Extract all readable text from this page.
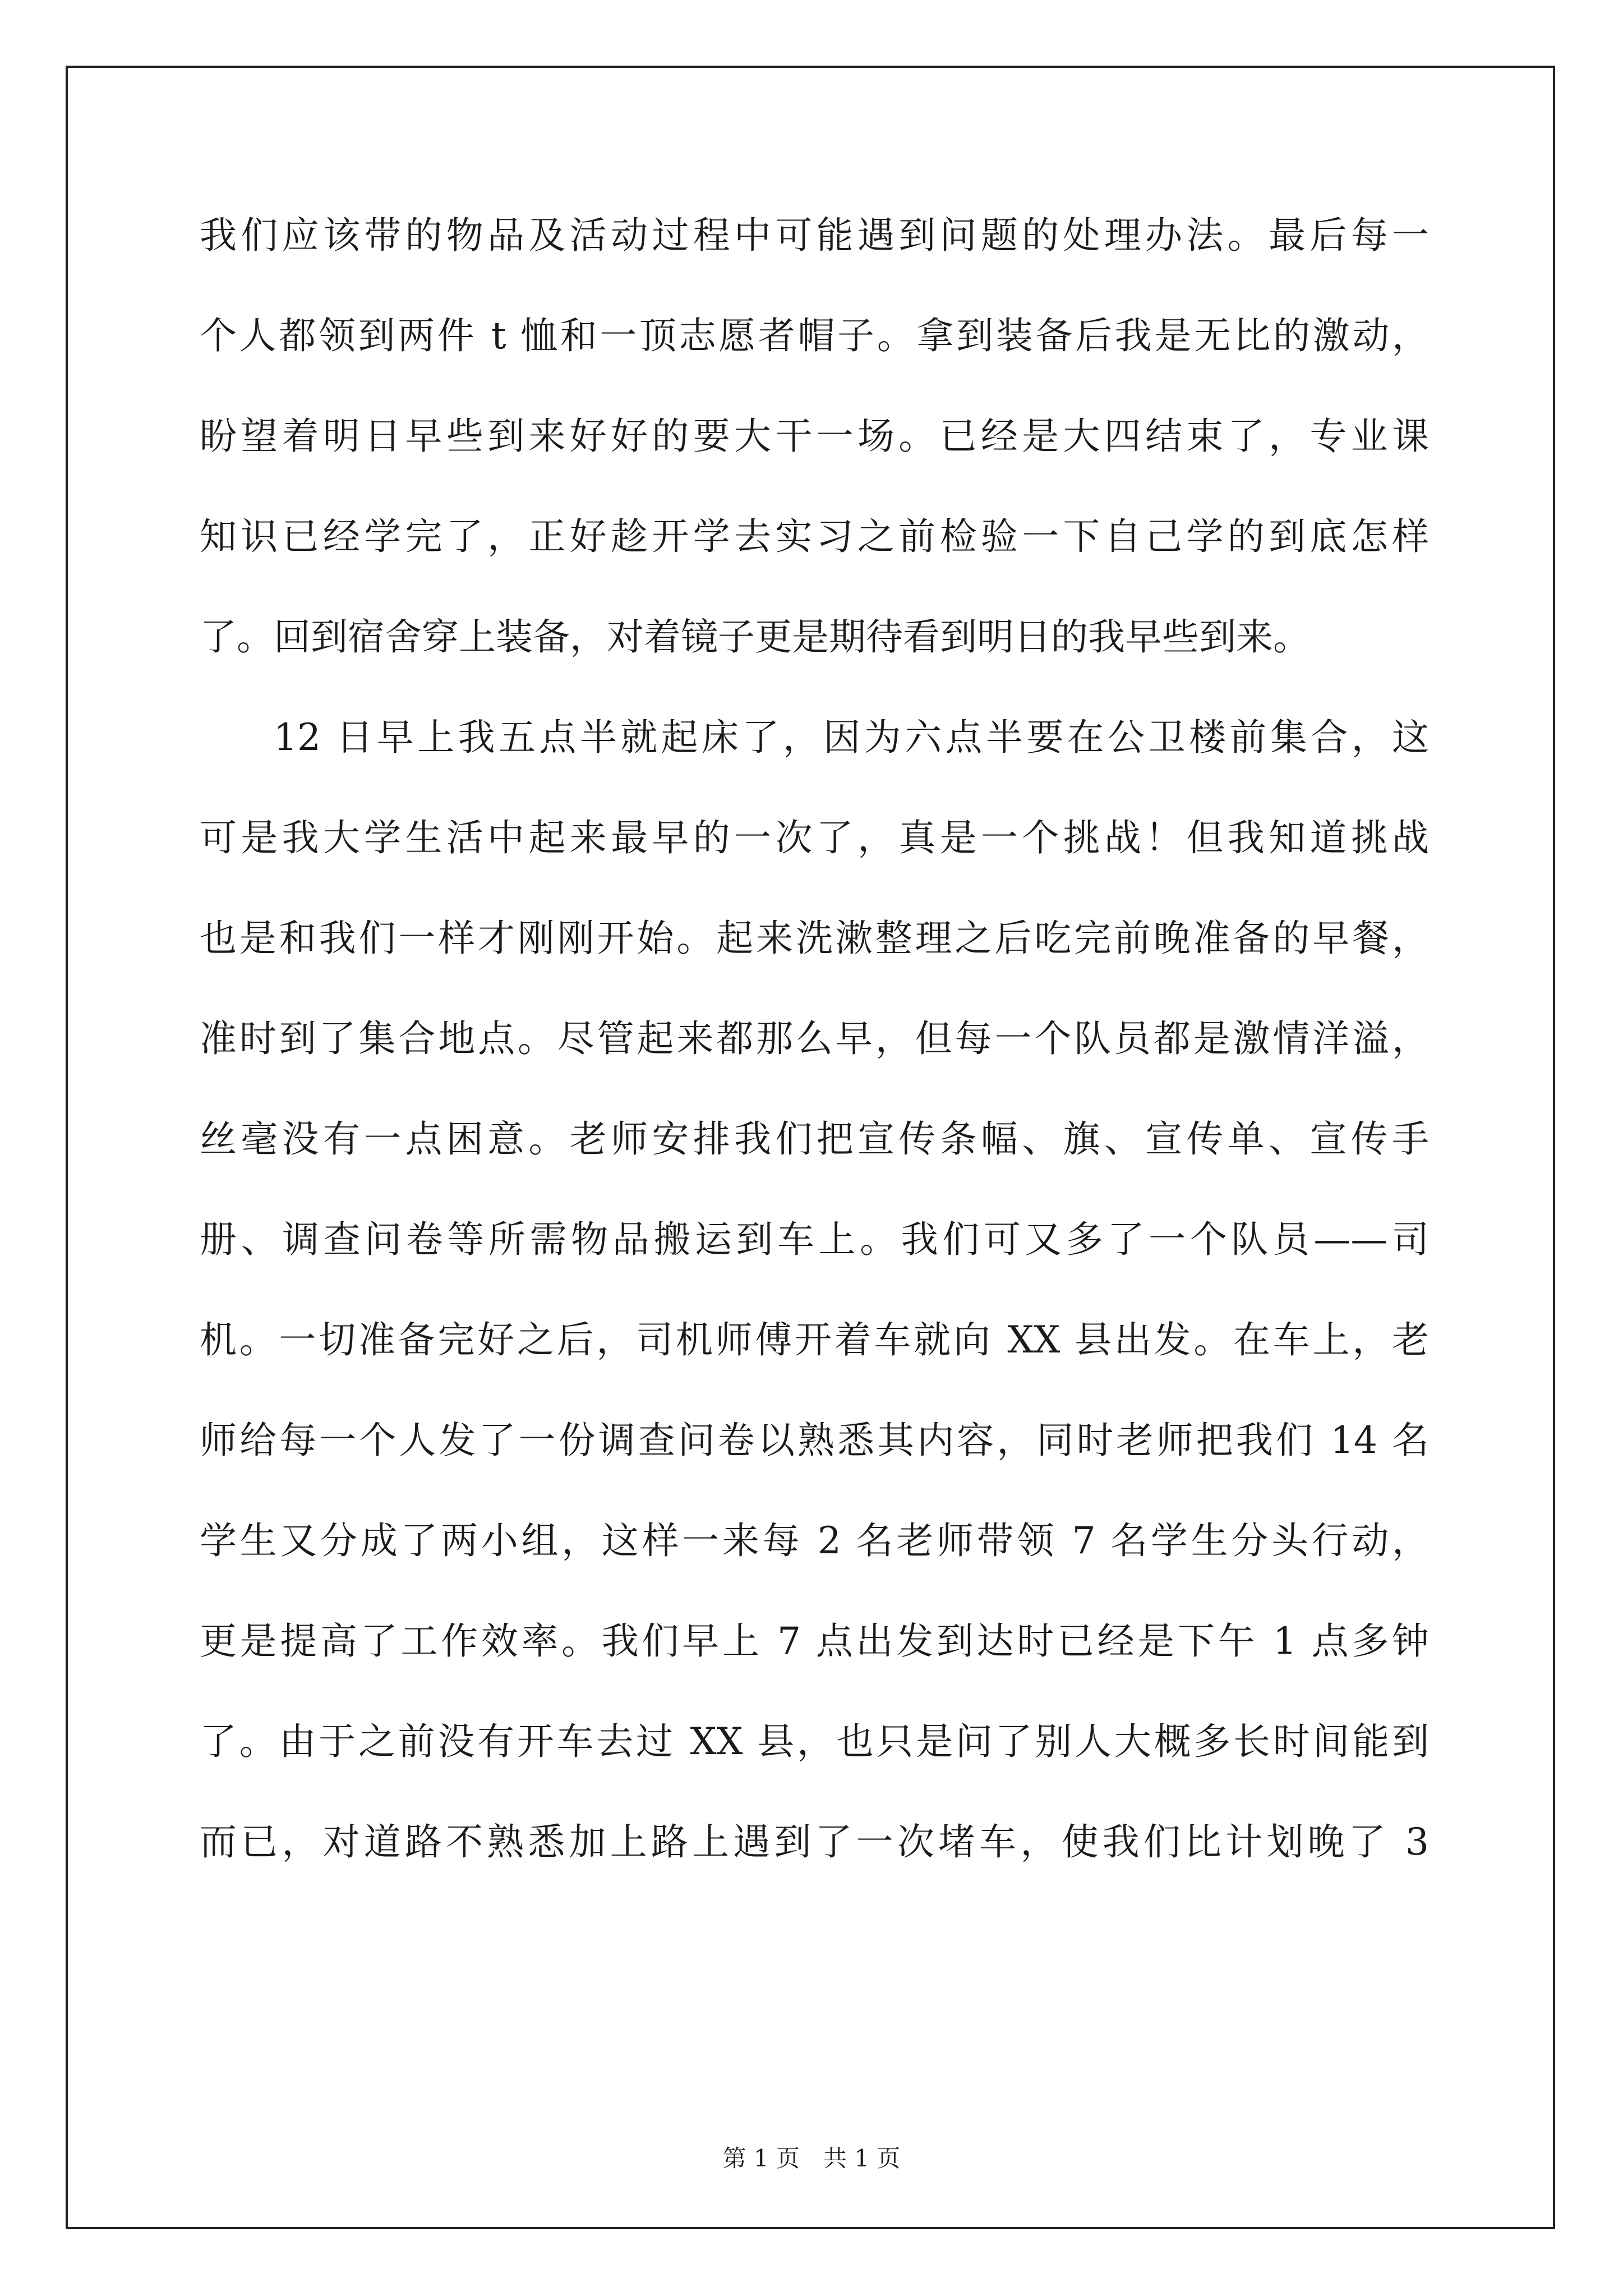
我们应该带的物品及活动过程中可能遇到问题的处理办法。最后每一
个人都领到两件 t 恤和一顶志愿者帽子。拿到装备后我是无比的激动，
盼望着明日早些到来好好的要大干一场。已经是大四结束了，专业课
知识已经学完了，正好趁开学去实习之前检验一下自己学的到底怎样
了。回到宿舍穿上装备，对着镜子更是期待看到明日的我早些到来。
12 日早上我五点半就起床了，因为六点半要在公卫楼前集合，这
可是我大学生活中起来最早的一次了，真是一个挑战！但我知道挑战
也是和我们一样才刚刚开始。起来洗漱整理之后吃完前晚准备的早餐，
准时到了集合地点。尽管起来都那么早，但每一个队员都是激情洋溢，
丝毫没有一点困意。老师安排我们把宣传条幅、旗、宣传单、宣传手
册、调查问卷等所需物品搬运到车上。我们可又多了一个队员——司
机。一切准备完好之后，司机师傅开着车就向 XX 县出发。在车上，老
师给每一个人发了一份调查问卷以熟悉其内容，同时老师把我们 14 名
学生又分成了两小组，这样一来每 2 名老师带领 7 名学生分头行动，
更是提高了工作效率。我们早上 7 点出发到达时已经是下午 1 点多钟
了。由于之前没有开车去过 XX 县，也只是问了别人大概多长时间能到
而已，对道路不熟悉加上路上遇到了一次堵车，使我们比计划晚了 3
第 1 页　共 1 页
